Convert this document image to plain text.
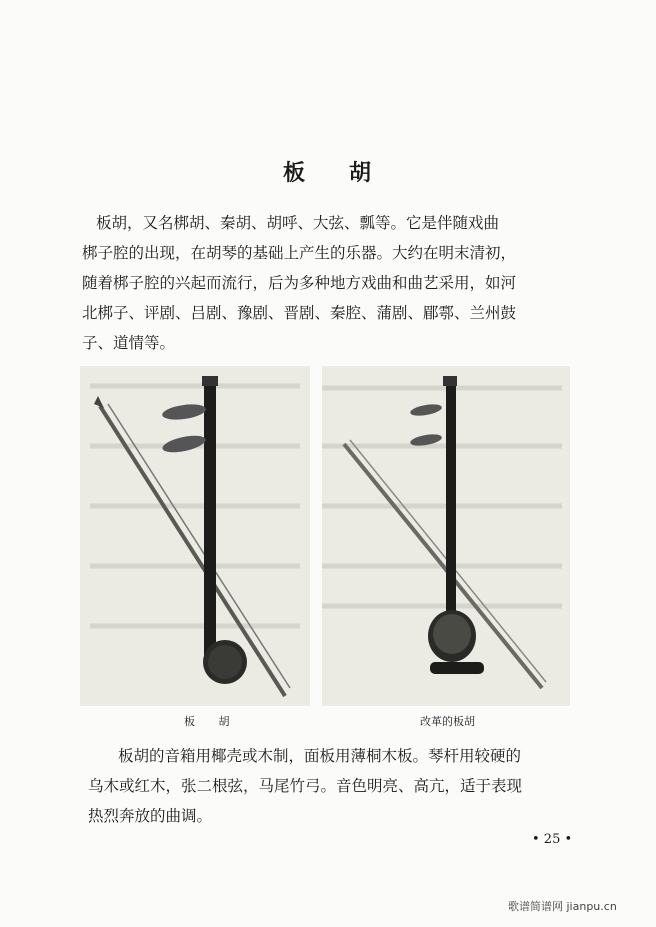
板 胡

板胡，又名梆胡、秦胡、胡呼、大弦、瓢等。它是伴随戏曲
梆子腔的出现，在胡琴的基础上产生的乐器。大约在明末清初，
随着梆子腔的兴起而流行，后为多种地方戏曲和曲艺采用，如河
北梆子、评剧、吕剧、豫剧、晋剧、秦腔、蒲剧、郿鄠、兰州鼓
子、道情等。

板 胡	改革的板胡

板胡的音箱用椰壳或木制，面板用薄桐木板。琴杆用较硬的
乌木或红木，张二根弦，马尾竹弓。音色明亮、高亢，适于表现
热烈奔放的曲调。

• 25 •
歌谱简谱网 jianpu.cn
